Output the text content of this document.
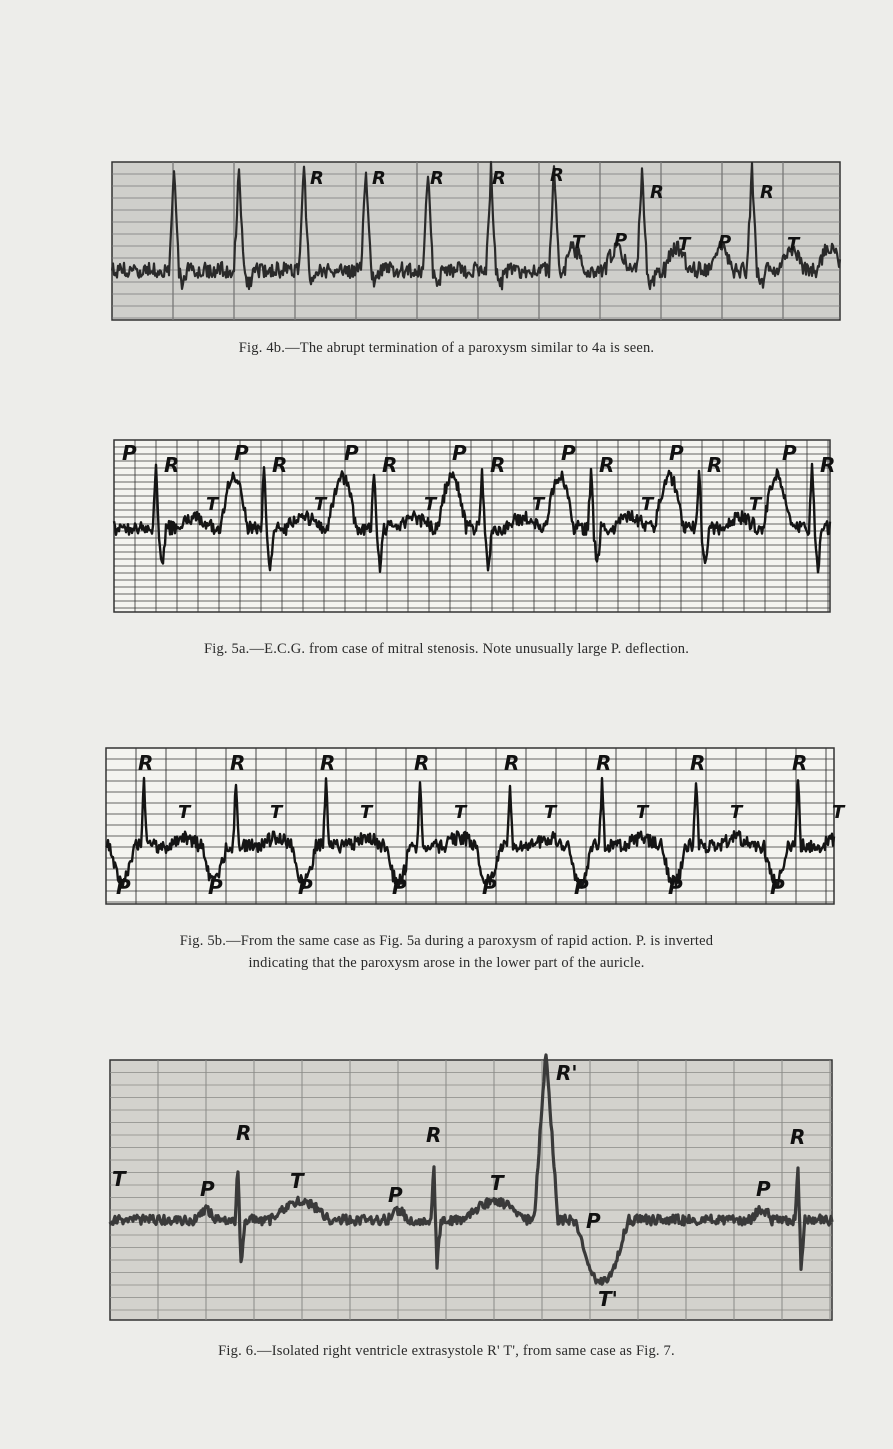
R	R R	R R
T P
R
T P
R
T
Fig. 4b.—The abrupt termination of a paroxysm similar to 4a is seen.
P R
T
P R
T
P R
T
P R
T
P R
T
P R
T
P R
Fig. 5a.—E.C.G. from case of mitral stenosis. Note unusually large P. deflection.
R
T
P
R
T
P
R
T
P
R
T
P
R
T
P
R
T
P
R
T
P
R
T
P
Fig. 5b.—From the same case as Fig. 5a during a paroxysm of rapid action. P. is inverted
indicating that the paroxysm arose in the lower part of the auricle.
T
R
P	T
P
R
T
R'
P
T'
P
R
Fig. 6.—Isolated right ventricle extrasystole R' T', from same case as Fig. 7.
